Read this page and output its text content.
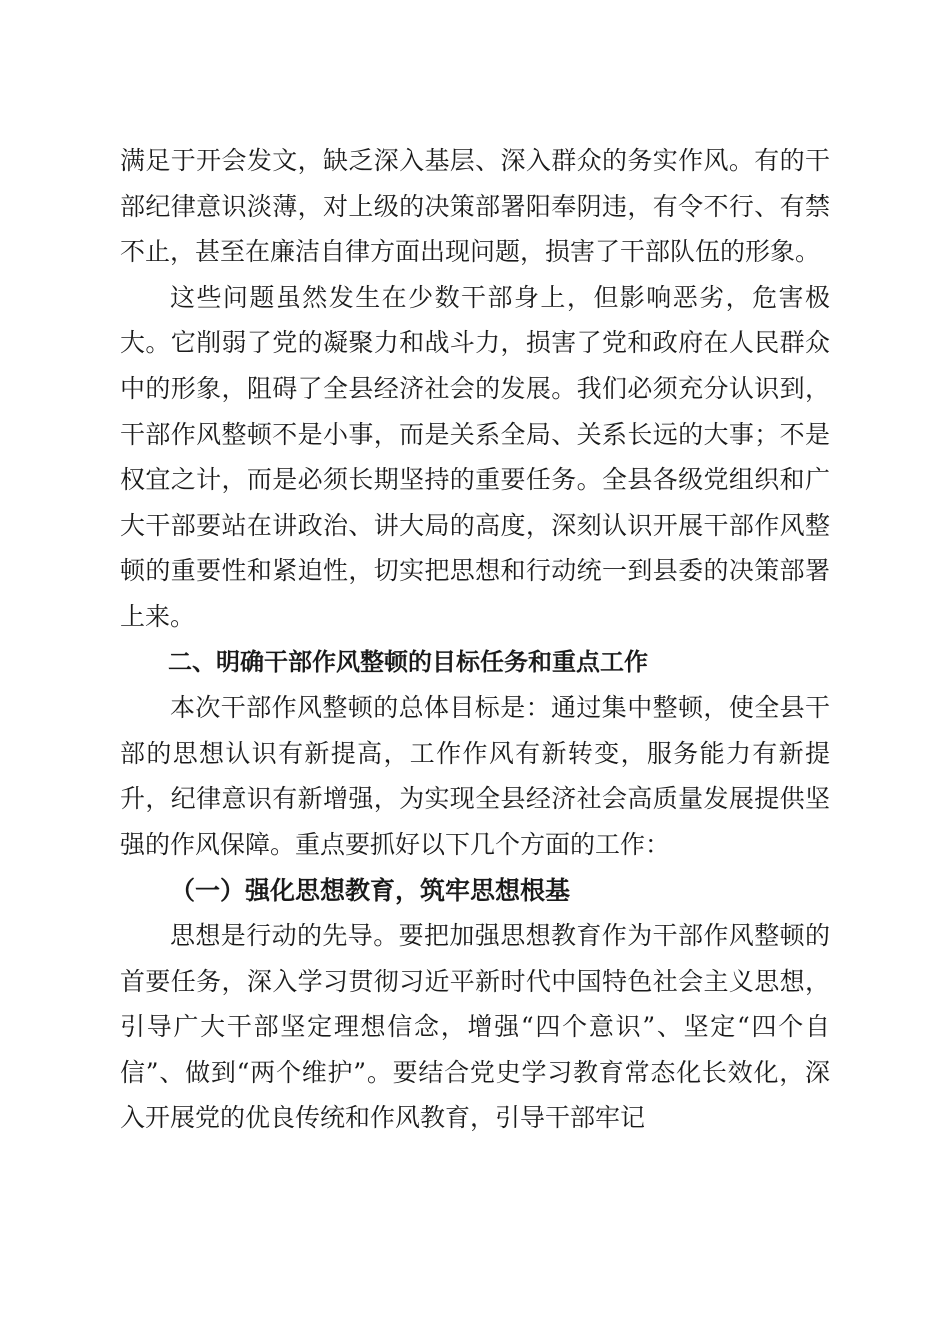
满足于开会发文，缺乏深入基层、深入群众的务实作风。有的干部纪律意识淡薄，对上级的决策部署阳奉阴违，有令不行、有禁不止，甚至在廉洁自律方面出现问题，损害了干部队伍的形象。

这些问题虽然发生在少数干部身上，但影响恶劣，危害极大。它削弱了党的凝聚力和战斗力，损害了党和政府在人民群众中的形象，阻碍了全县经济社会的发展。我们必须充分认识到，干部作风整顿不是小事，而是关系全局、关系长远的大事；不是权宜之计，而是必须长期坚持的重要任务。全县各级党组织和广大干部要站在讲政治、讲大局的高度，深刻认识开展干部作风整顿的重要性和紧迫性，切实把思想和行动统一到县委的决策部署上来。

二、明确干部作风整顿的目标任务和重点工作

本次干部作风整顿的总体目标是：通过集中整顿，使全县干部的思想认识有新提高，工作作风有新转变，服务能力有新提升，纪律意识有新增强，为实现全县经济社会高质量发展提供坚强的作风保障。重点要抓好以下几个方面的工作：

（一）强化思想教育，筑牢思想根基

思想是行动的先导。要把加强思想教育作为干部作风整顿的首要任务，深入学习贯彻习近平新时代中国特色社会主义思想，引导广大干部坚定理想信念，增强“四个意识”、坚定“四个自信”、做到“两个维护”。要结合党史学习教育常态化长效化，深入开展党的优良传统和作风教育，引导干部牢记
